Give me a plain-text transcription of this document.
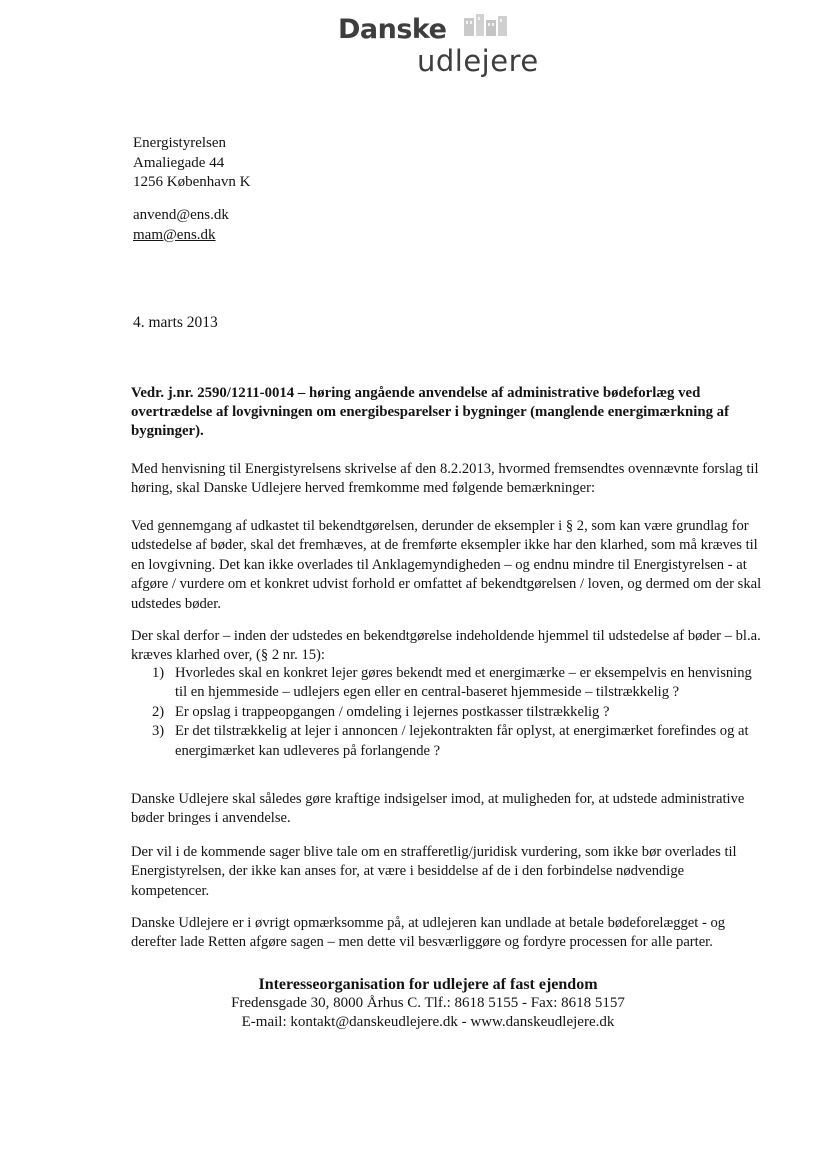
Danske
udlejere
Energistyrelsen
Amaliegade 44
1256 København K
anvend@ens.dk
mam@ens.dk
4. marts 2013
Vedr. j.nr. 2590/1211-0014 – høring angående anvendelse af administrative bødeforlæg ved overtrædelse af lovgivningen om energibesparelser i bygninger (manglende energimærkning af bygninger).
Med henvisning til Energistyrelsens skrivelse af den 8.2.2013, hvormed fremsendtes ovennævnte forslag til høring, skal Danske Udlejere herved fremkomme med følgende bemærkninger:
Ved gennemgang af udkastet til bekendtgørelsen, derunder de eksempler i § 2, som kan være grundlag for udstedelse af bøder, skal det fremhæves, at de fremførte eksempler ikke har den klarhed, som må kræves til en lovgivning. Det kan ikke overlades til Anklagemyndigheden – og endnu mindre til Energistyrelsen - at afgøre / vurdere om et konkret udvist forhold er omfattet af bekendtgørelsen / loven, og dermed om der skal udstedes bøder.
Der skal derfor – inden der udstedes en bekendtgørelse indeholdende hjemmel til udstedelse af bøder – bl.a. kræves klarhed over, (§ 2 nr. 15):
1) Hvorledes skal en konkret lejer gøres bekendt med et energimærke – er eksempelvis en henvisning til en hjemmeside – udlejers egen eller en central-baseret hjemmeside – tilstrækkelig ?
2) Er opslag i trappeopgangen / omdeling i lejernes postkasser tilstrækkelig ?
3) Er det tilstrækkelig at lejer i annoncen / lejekontrakten får oplyst, at energimærket forefindes og at energimærket kan udleveres på forlangende ?
Danske Udlejere skal således gøre kraftige indsigelser imod, at muligheden for, at udstede administrative bøder bringes i anvendelse.
Der vil i de kommende sager blive tale om en strafferetlig/juridisk vurdering, som ikke bør overlades til Energistyrelsen, der ikke kan anses for, at være i besiddelse af de i den forbindelse nødvendige kompetencer.
Danske Udlejere er i øvrigt opmærksomme på, at udlejeren kan undlade at betale bødeforelægget - og derefter lade Retten afgøre sagen – men dette vil besværliggøre og fordyre processen for alle parter.
Interesseorganisation for udlejere af fast ejendom
Fredensgade 30, 8000 Århus C. Tlf.: 8618 5155 - Fax: 8618 5157
E-mail: kontakt@danskeudlejere.dk - www.danskeudlejere.dk
